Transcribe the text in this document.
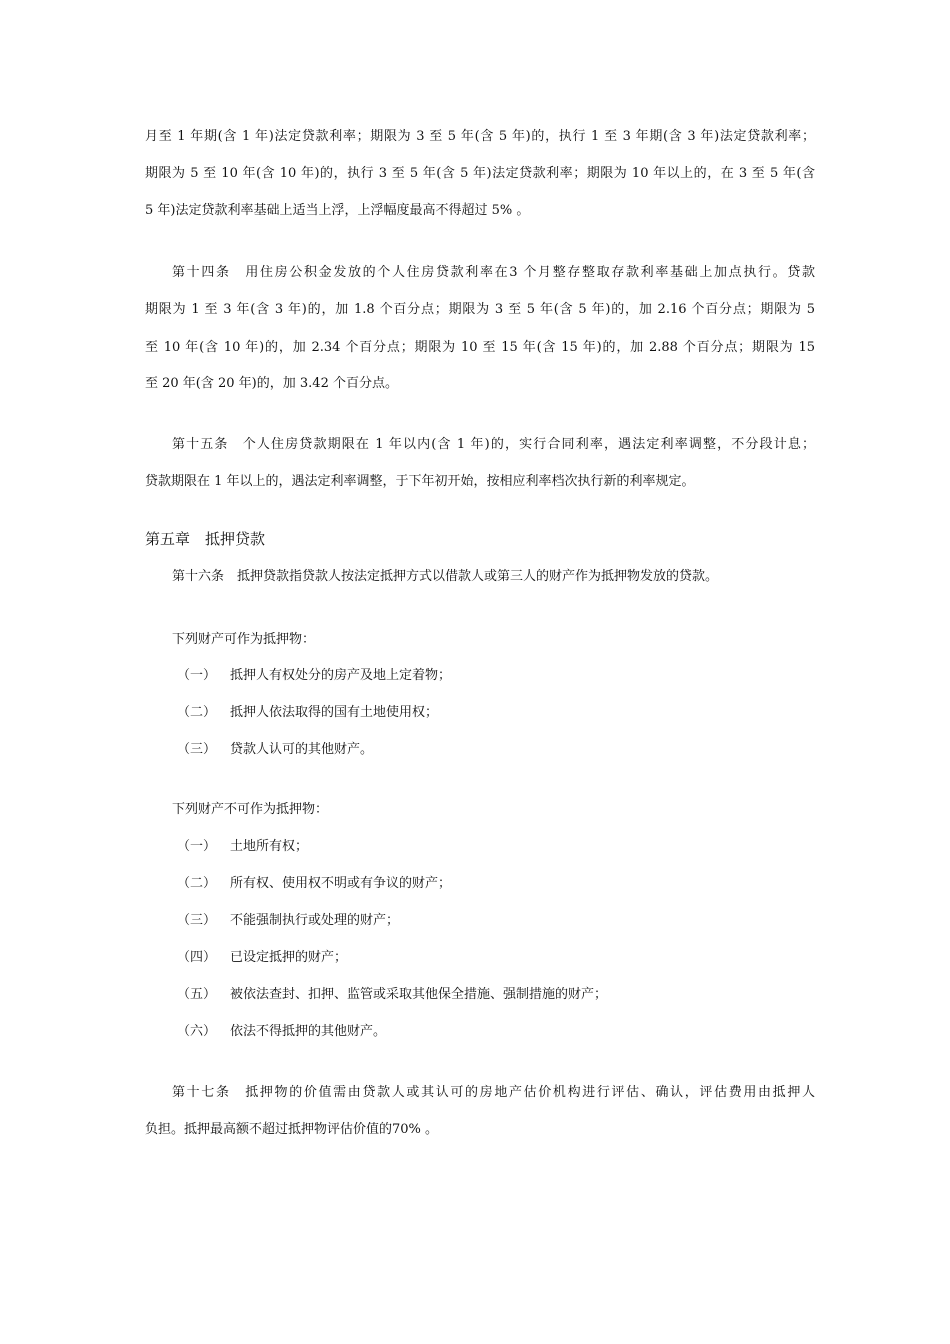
月至 1 年期(含 1 年)法定贷款利率；期限为 3 至 5 年(含 5 年)的，执行 1 至 3 年期(含 3 年)法定贷款利率；
期限为 5 至 10 年(含 10 年)的，执行 3 至 5 年(含 5 年)法定贷款利率；期限为 10 年以上的，在 3 至 5 年(含
5 年)法定贷款利率基础上适当上浮，上浮幅度最高不得超过 5% 。
第十四条　用住房公积金发放的个人住房贷款利率在3 个月整存整取存款利率基础上加点执行。贷款
期限为 1 至 3 年(含 3 年)的，加 1.8 个百分点；期限为 3 至 5 年(含 5 年)的，加 2.16 个百分点；期限为 5
至 10 年(含 10 年)的，加 2.34 个百分点；期限为 10 至 15 年(含 15 年)的，加 2.88 个百分点；期限为 15
至 20 年(含 20 年)的，加 3.42 个百分点。
第十五条　个人住房贷款期限在 1 年以内(含 1 年)的，实行合同利率，遇法定利率调整，不分段计息；
贷款期限在 1 年以上的，遇法定利率调整，于下年初开始，按相应利率档次执行新的利率规定。
第五章　抵押贷款
第十六条　抵押贷款指贷款人按法定抵押方式以借款人或第三人的财产作为抵押物发放的贷款。
下列财产可作为抵押物：
（一） 抵押人有权处分的房产及地上定着物；
（二） 抵押人依法取得的国有土地使用权；
（三） 贷款人认可的其他财产。
下列财产不可作为抵押物：
（一） 土地所有权；
（二） 所有权、使用权不明或有争议的财产；
（三） 不能强制执行或处理的财产；
（四） 已设定抵押的财产；
（五） 被依法查封、扣押、监管或采取其他保全措施、强制措施的财产；
（六） 依法不得抵押的其他财产。
第十七条　抵押物的价值需由贷款人或其认可的房地产估价机构进行评估、确认，评估费用由抵押人
负担。抵押最高额不超过抵押物评估价值的70% 。
